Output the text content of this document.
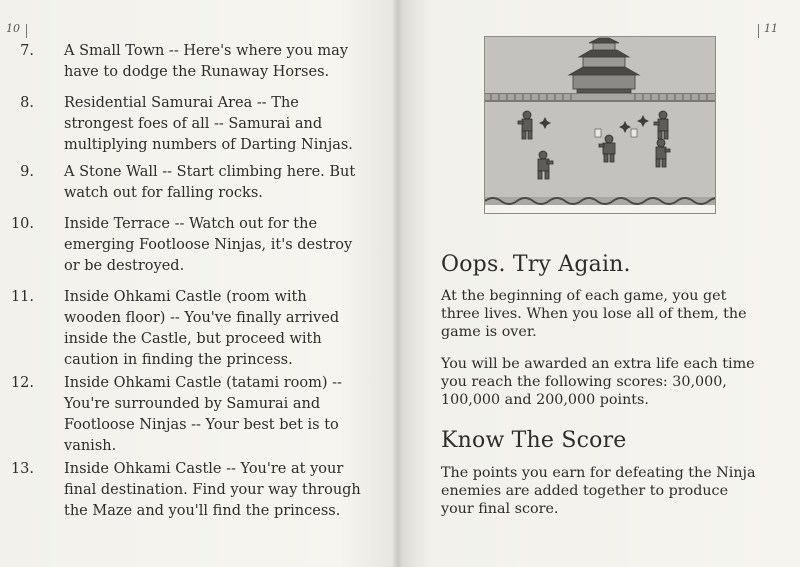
10
7. A Small Town -- Here's where you may have to dodge the Runaway Horses.
8. Residential Samurai Area -- The strongest foes of all -- Samurai and multiplying numbers of Darting Ninjas.
9. A Stone Wall -- Start climbing here. But watch out for falling rocks.
10. Inside Terrace -- Watch out for the emerging Footloose Ninjas, it's destroy or be destroyed.
11. Inside Ohkami Castle (room with wooden floor) -- You've finally arrived inside the Castle, but proceed with caution in finding the princess.
12. Inside Ohkami Castle (tatami room) -- You're surrounded by Samurai and Footloose Ninjas -- Your best bet is to vanish.
13. Inside Ohkami Castle -- You're at your final destination. Find your way through the Maze and you'll find the princess.
11
Oops. Try Again.

At the beginning of each game, you get three lives. When you lose all of them, the game is over.

You will be awarded an extra life each time you reach the following scores: 30,000, 100,000 and 200,000 points.

Know The Score

The points you earn for defeating the Ninja enemies are added together to produce your final score.
